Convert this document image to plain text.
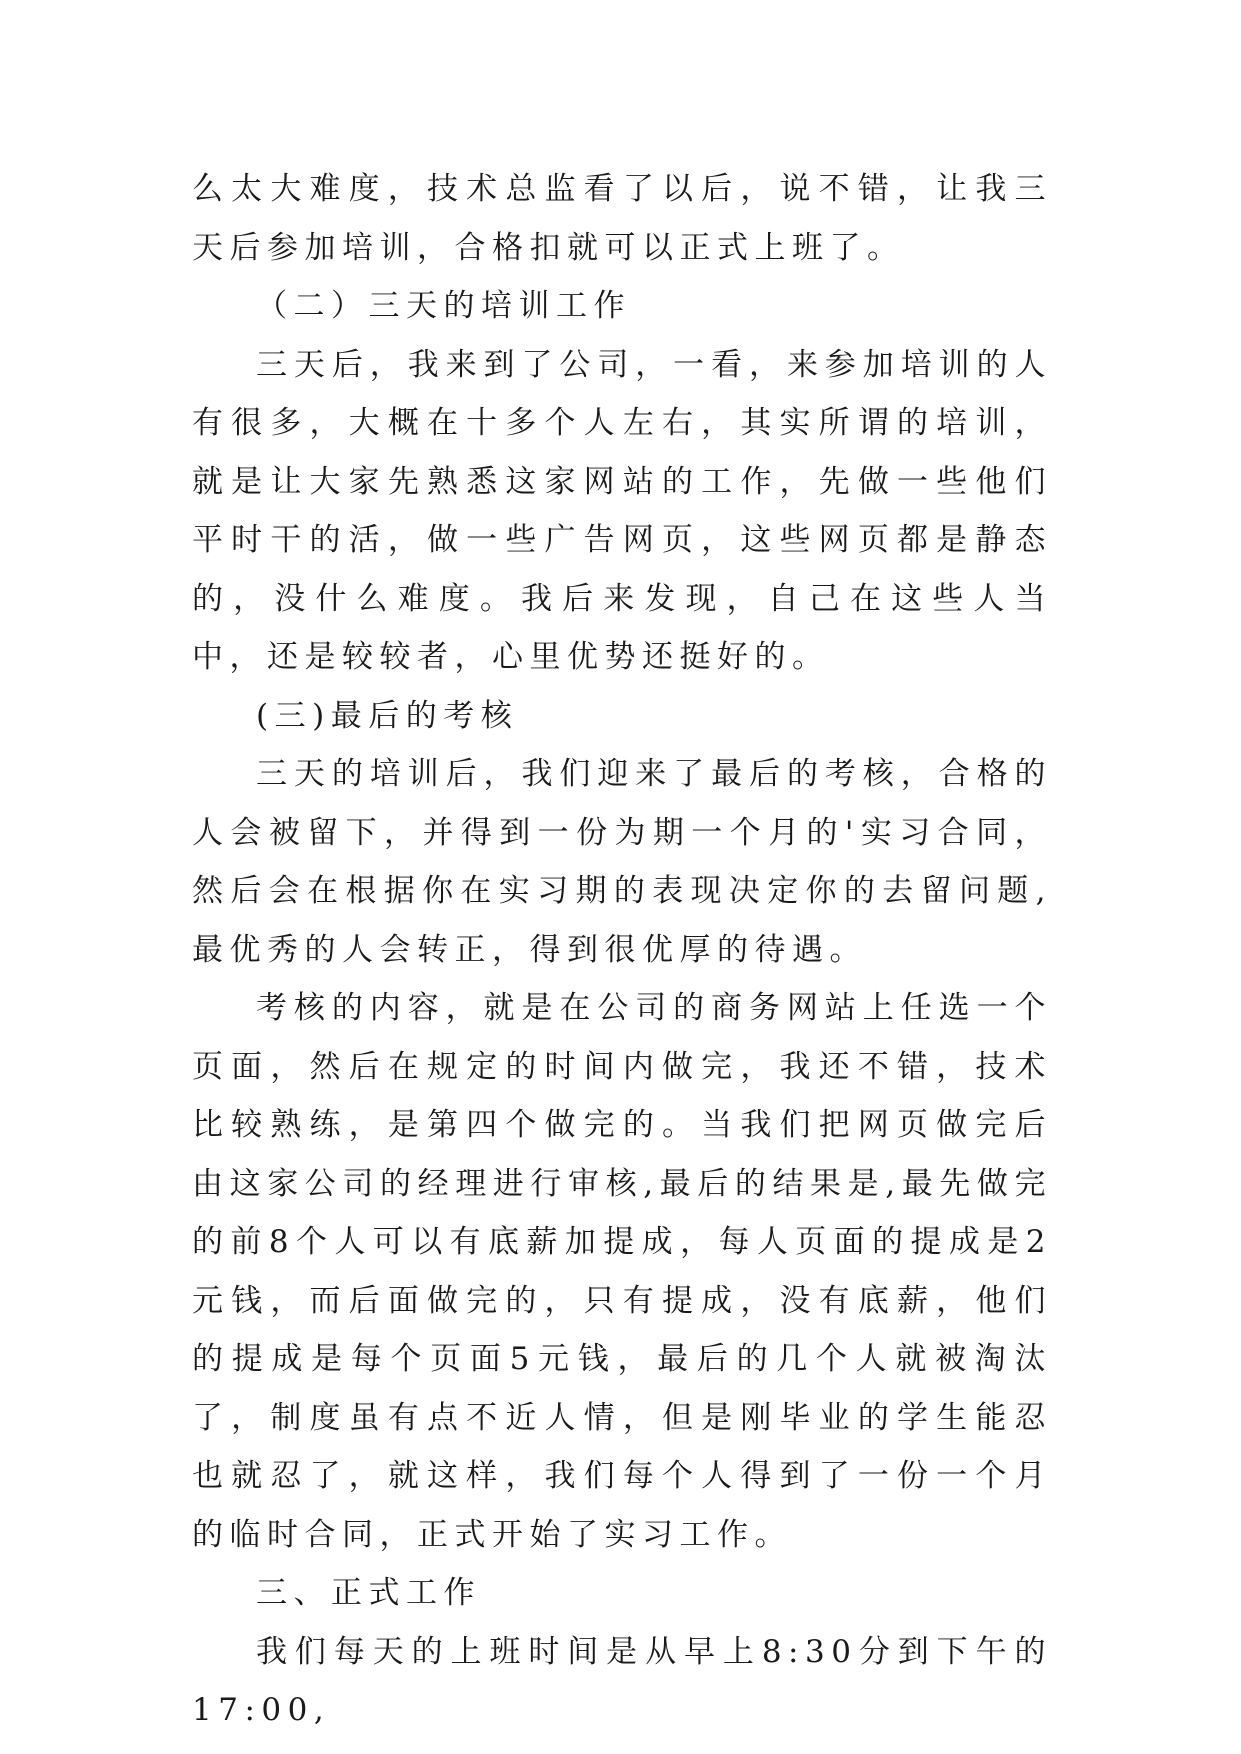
么太大难度，技术总监看了以后，说不错，让我三天后参加培训，合格扣就可以正式上班了。

（二）三天的培训工作

三天后，我来到了公司，一看，来参加培训的人有很多，大概在十多个人左右，其实所谓的培训，就是让大家先熟悉这家网站的工作，先做一些他们平时干的活，做一些广告网页，这些网页都是静态的，没什么难度。我后来发现，自己在这些人当中，还是较较者，心里优势还挺好的。

(三)最后的考核

三天的培训后，我们迎来了最后的考核，合格的人会被留下，并得到一份为期一个月的'实习合同，然后会在根据你在实习期的表现决定你的去留问题,最优秀的人会转正，得到很优厚的待遇。

考核的内容，就是在公司的商务网站上任选一个页面，然后在规定的时间内做完，我还不错，技术比较熟练，是第四个做完的。当我们把网页做完后由这家公司的经理进行审核,最后的结果是,最先做完的前8个人可以有底薪加提成，每人页面的提成是2元钱，而后面做完的，只有提成，没有底薪，他们的提成是每个页面5元钱，最后的几个人就被淘汰了，制度虽有点不近人情，但是刚毕业的学生能忍也就忍了，就这样，我们每个人得到了一份一个月的临时合同，正式开始了实习工作。

三、正式工作

我们每天的上班时间是从早上8:30分到下午的17:00,
